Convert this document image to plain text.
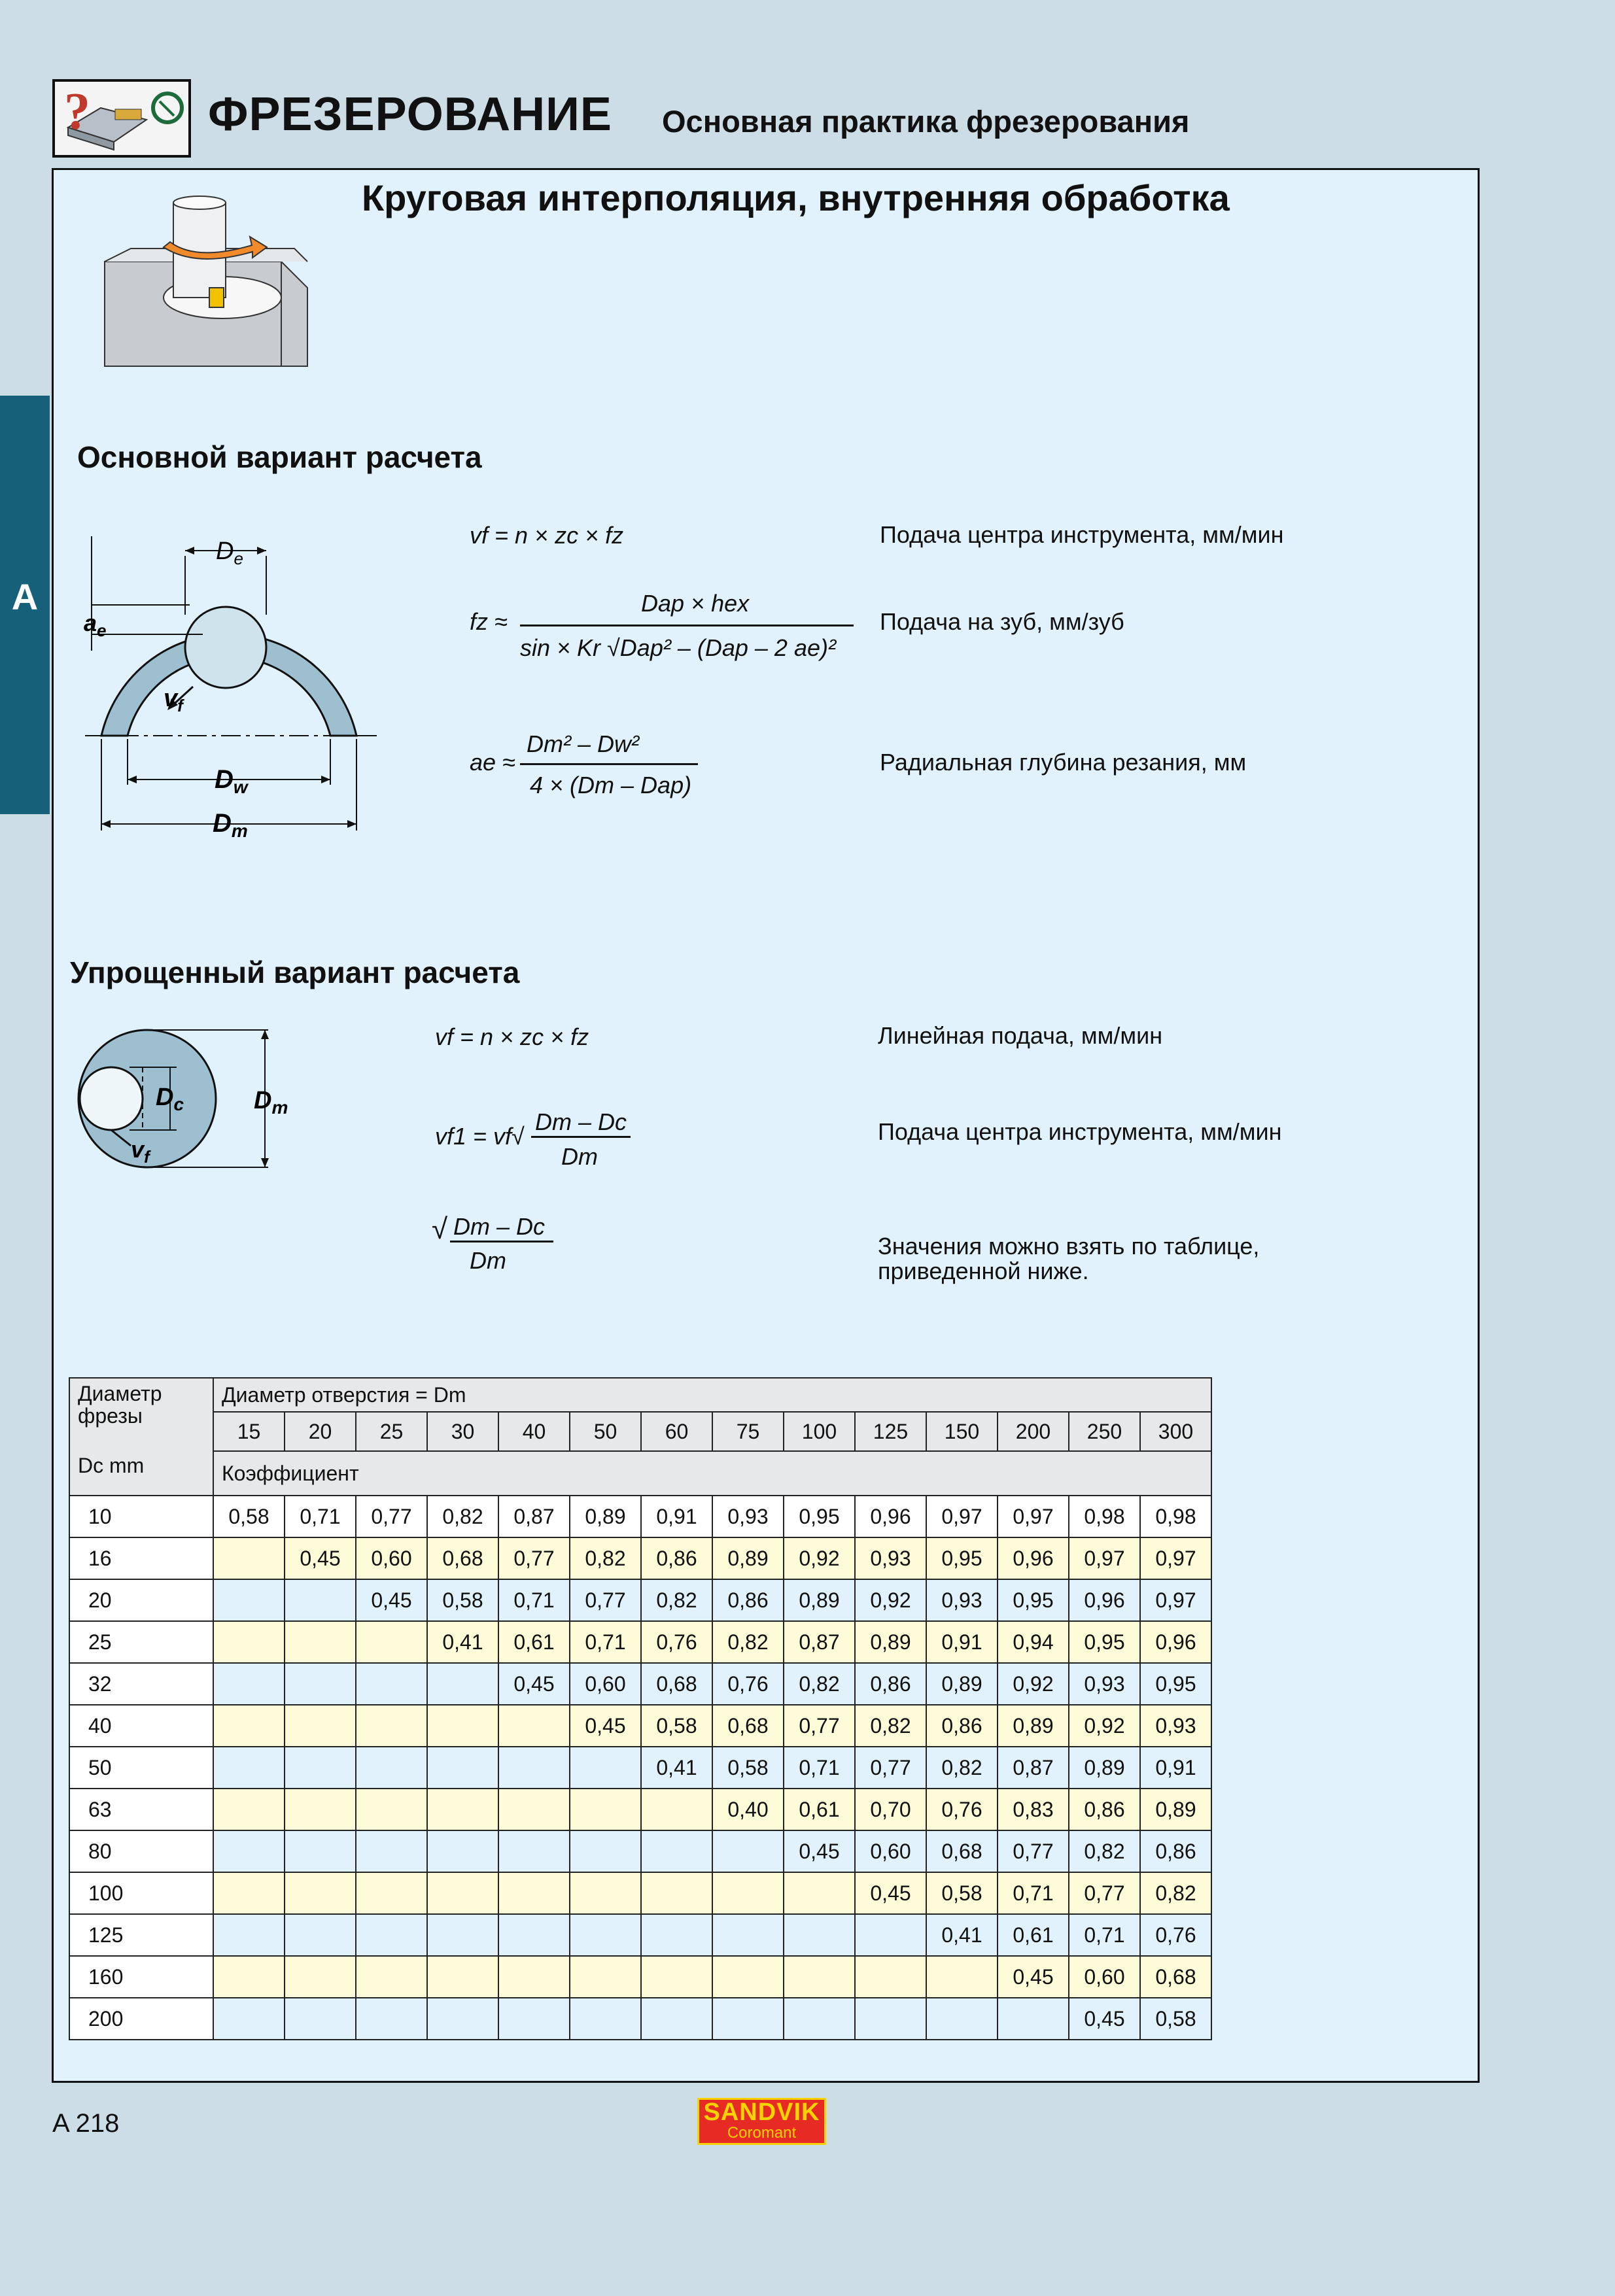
A
?	ФРЕЗЕРОВАНИЕ Основная практика фрезерования
Круговая интерполяция, внутренняя обработка
Основной вариант расчета
$D_e$
$a_e$
$v_f$
$D_w$
$D_m$
vf = n × zc × fz	Подача центра инструмента, мм/мин
fz ≈
Dap × hex
sin × Kr √Dap² – (Dap – 2 ae)²
Подача на зуб, мм/зуб
ae ≈
Dm² – Dw²
4 × (Dm – Dap)
Радиальная глубина резания, мм
Упрощенный вариант расчета
$D_c$	$D_m$
$v_f$
vf = n × zc × fz	Линейная подача, мм/мин
vf1 = vf√
Dm – Dc
Dm
Подача центра инструмента, мм/мин
√ Dm – Dc
Dm
Значения можно взять по таблице,
приведенной ниже.
Диаметр
фрезы
Dc mm	Диаметр отверстия = Dm													
	15	20	25	30	40	50	60	75	100	125	150	200	250	300
	Коэффициент													
10	0,58	0,71	0,77	0,82	0,87	0,89	0,91	0,93	0,95	0,96	0,97	0,97	0,98	0,98
16		0,45	0,60	0,68	0,77	0,82	0,86	0,89	0,92	0,93	0,95	0,96	0,97	0,97
20			0,45	0,58	0,71	0,77	0,82	0,86	0,89	0,92	0,93	0,95	0,96	0,97
25				0,41	0,61	0,71	0,76	0,82	0,87	0,89	0,91	0,94	0,95	0,96
32					0,45	0,60	0,68	0,76	0,82	0,86	0,89	0,92	0,93	0,95
40						0,45	0,58	0,68	0,77	0,82	0,86	0,89	0,92	0,93
50							0,41	0,58	0,71	0,77	0,82	0,87	0,89	0,91
63								0,40	0,61	0,70	0,76	0,83	0,86	0,89
80									0,45	0,60	0,68	0,77	0,82	0,86
100										0,45	0,58	0,71	0,77	0,82
125											0,41	0,61	0,71	0,76
160												0,45	0,60	0,68
200													0,45	0,58
A 218	SANDVIK
Coromant
